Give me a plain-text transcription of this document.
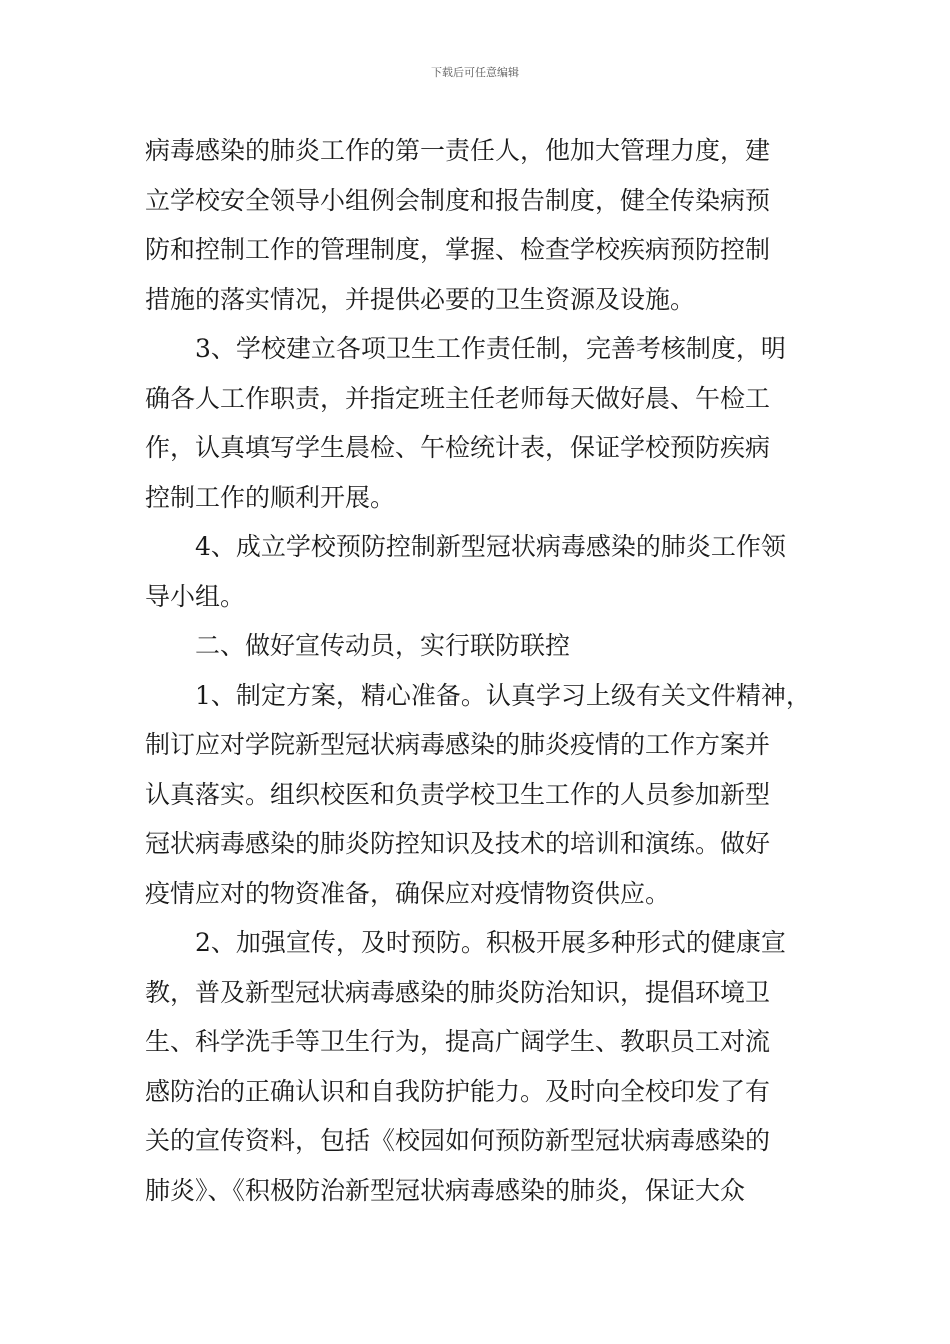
下载后可任意编辑
病毒感染的肺炎工作的第一责任人，他加大管理力度，建
立学校安全领导小组例会制度和报告制度，健全传染病预
防和控制工作的管理制度，掌握、检查学校疾病预防控制
措施的落实情况，并提供必要的卫生资源及设施。
3、学校建立各项卫生工作责任制，完善考核制度，明
确各人工作职责，并指定班主任老师每天做好晨、午检工
作，认真填写学生晨检、午检统计表，保证学校预防疾病
控制工作的顺利开展。
4、成立学校预防控制新型冠状病毒感染的肺炎工作领
导小组。
二、做好宣传动员，实行联防联控
1、制定方案，精心准备。认真学习上级有关文件精神，
制订应对学院新型冠状病毒感染的肺炎疫情的工作方案并
认真落实。组织校医和负责学校卫生工作的人员参加新型
冠状病毒感染的肺炎防控知识及技术的培训和演练。做好
疫情应对的物资准备，确保应对疫情物资供应。
2、加强宣传，及时预防。积极开展多种形式的健康宣
教，普及新型冠状病毒感染的肺炎防治知识，提倡环境卫
生、科学洗手等卫生行为，提高广阔学生、教职员工对流
感防治的正确认识和自我防护能力。及时向全校印发了有
关的宣传资料，包括《校园如何预防新型冠状病毒感染的
肺炎》、《积极防治新型冠状病毒感染的肺炎，保证大众
